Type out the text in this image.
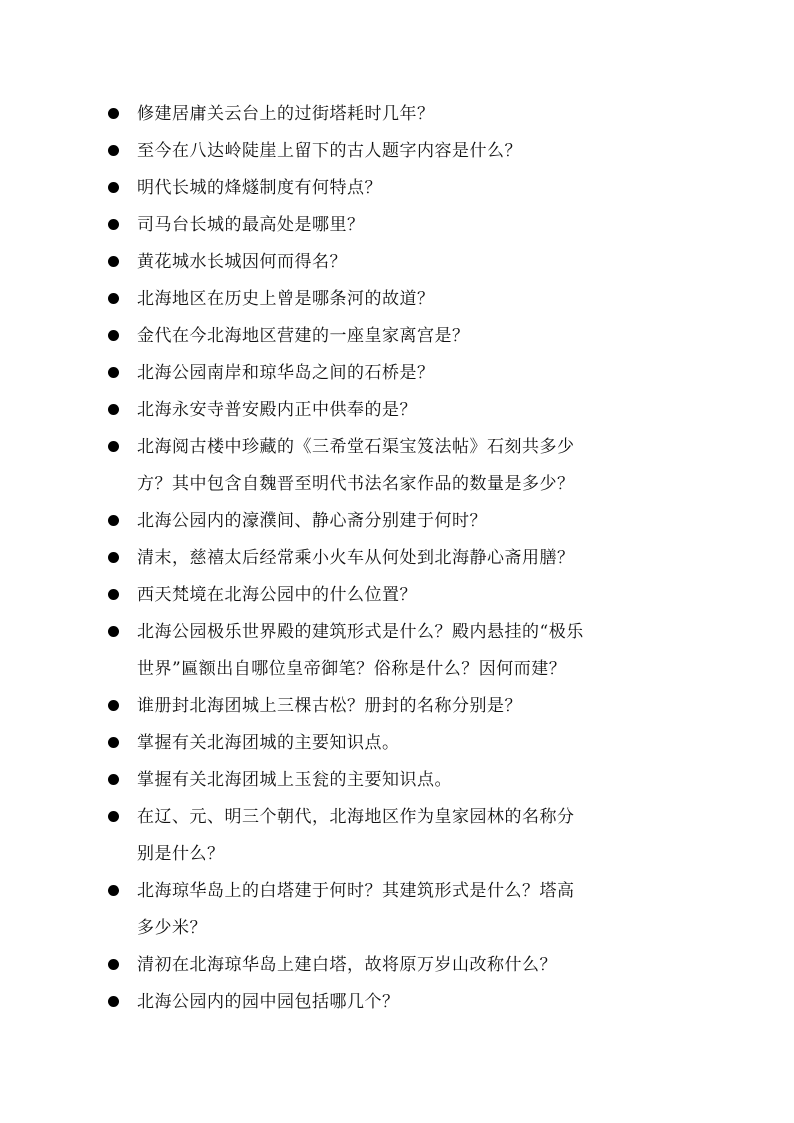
修建居庸关云台上的过街塔耗时几年？
至今在八达岭陡崖上留下的古人题字内容是什么？
明代长城的烽燧制度有何特点？
司马台长城的最高处是哪里？
黄花城水长城因何而得名？
北海地区在历史上曾是哪条河的故道？
金代在今北海地区营建的一座皇家离宫是？
北海公园南岸和琼华岛之间的石桥是？
北海永安寺普安殿内正中供奉的是？
北海阅古楼中珍藏的《三希堂石渠宝笈法帖》石刻共多少
方？其中包含自魏晋至明代书法名家作品的数量是多少？
北海公园内的濠濮间、静心斋分别建于何时？
清末，慈禧太后经常乘小火车从何处到北海静心斋用膳？
西天梵境在北海公园中的什么位置？
北海公园极乐世界殿的建筑形式是什么？殿内悬挂的“极乐
世界”匾额出自哪位皇帝御笔？俗称是什么？因何而建？
谁册封北海团城上三棵古松？册封的名称分别是？
掌握有关北海团城的主要知识点。
掌握有关北海团城上玉瓮的主要知识点。
在辽、元、明三个朝代，北海地区作为皇家园林的名称分
别是什么？
北海琼华岛上的白塔建于何时？其建筑形式是什么？塔高
多少米？
清初在北海琼华岛上建白塔，故将原万岁山改称什么？
北海公园内的园中园包括哪几个？
